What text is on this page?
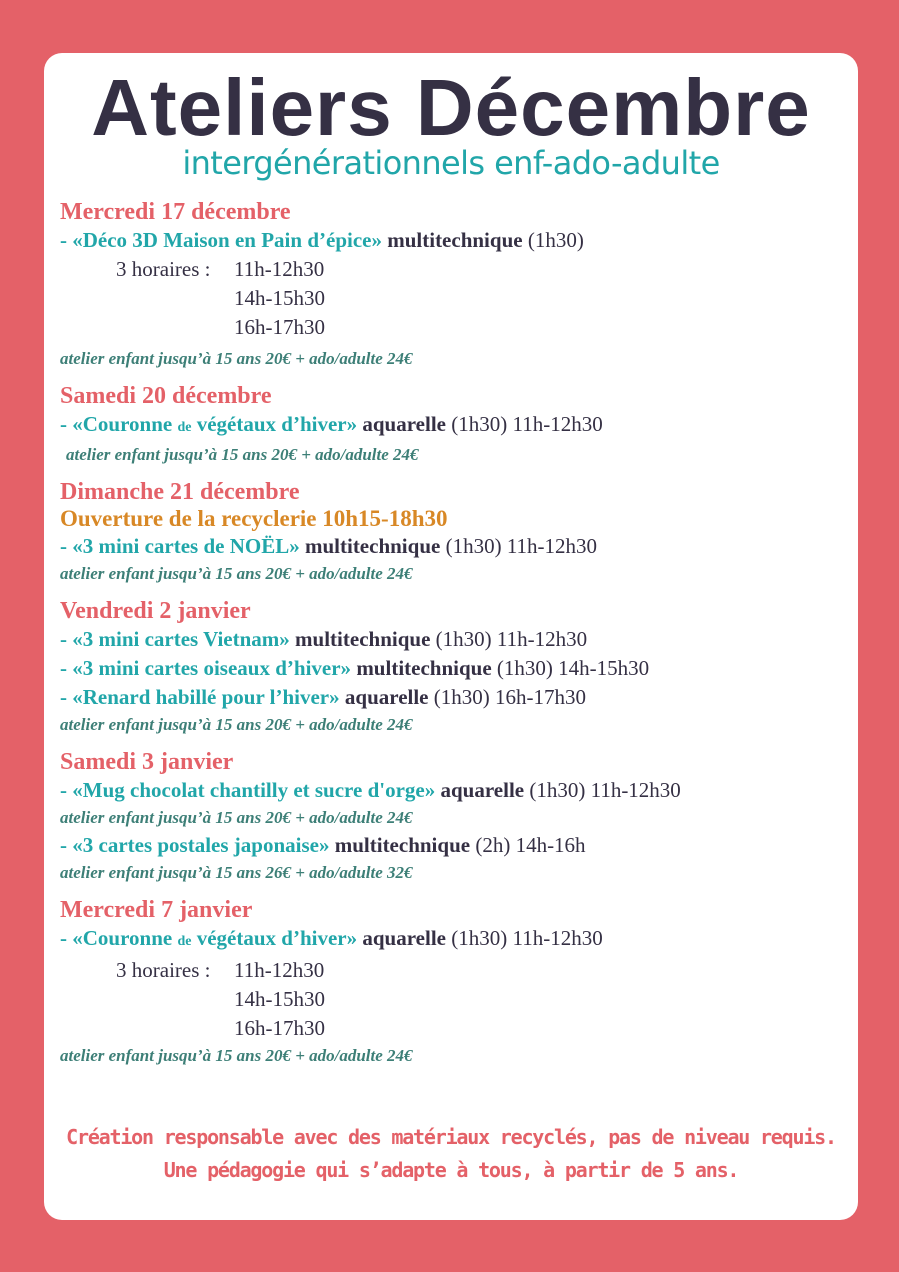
Ateliers Décembre
intergénérationnels enf-ado-adulte
Mercredi 17 décembre
- «Déco 3D Maison en Pain d’épice» multitechnique (1h30)
3 horaires :	11h-12h30
14h-15h30
16h-17h30
atelier enfant jusqu’à 15 ans 20€ + ado/adulte 24€
Samedi 20 décembre
- «Couronne de végétaux d’hiver» aquarelle (1h30) 11h-12h30
atelier enfant jusqu’à 15 ans 20€ + ado/adulte 24€
Dimanche 21 décembre
Ouverture de la recyclerie 10h15-18h30
- «3 mini cartes de NOËL» multitechnique (1h30) 11h-12h30
atelier enfant jusqu’à 15 ans 20€ + ado/adulte 24€
Vendredi 2 janvier
- «3 mini cartes Vietnam» multitechnique (1h30) 11h-12h30
- «3 mini cartes oiseaux d’hiver» multitechnique (1h30) 14h-15h30
- «Renard habillé pour l’hiver» aquarelle (1h30) 16h-17h30
atelier enfant jusqu’à 15 ans 20€ + ado/adulte 24€
Samedi 3 janvier
- «Mug chocolat chantilly et sucre d'orge» aquarelle (1h30) 11h-12h30
atelier enfant jusqu’à 15 ans 20€ + ado/adulte 24€
- «3 cartes postales japonaise» multitechnique (2h) 14h-16h
atelier enfant jusqu’à 15 ans 26€ + ado/adulte 32€
Mercredi 7 janvier
- «Couronne de végétaux d’hiver» aquarelle (1h30) 11h-12h30
3 horaires :	11h-12h30
14h-15h30
16h-17h30
atelier enfant jusqu’à 15 ans 20€ + ado/adulte 24€
Création responsable avec des matériaux recyclés, pas de niveau requis.
Une pédagogie qui s’adapte à tous, à partir de 5 ans.
